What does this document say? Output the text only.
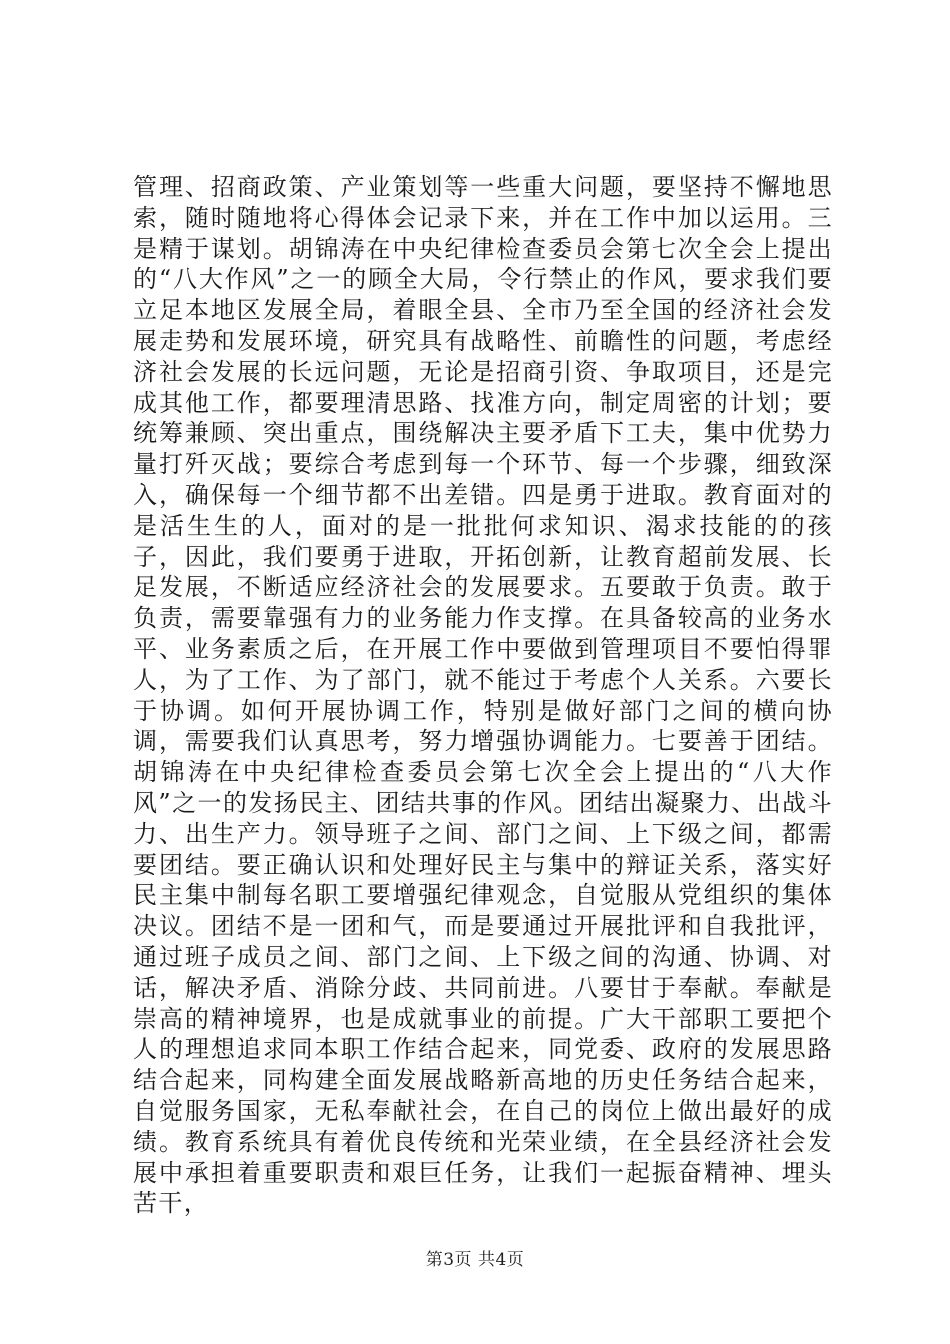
管理、招商政策、产业策划等一些重大问题，要坚持不懈地思索，随时随地将心得体会记录下来，并在工作中加以运用。三是精于谋划。胡锦涛在中央纪律检查委员会第七次全会上提出的“八大作风”之一的顾全大局，令行禁止的作风，要求我们要立足本地区发展全局，着眼全县、全市乃至全国的经济社会发展走势和发展环境，研究具有战略性、前瞻性的问题，考虑经济社会发展的长远问题，无论是招商引资、争取项目，还是完成其他工作，都要理清思路、找准方向，制定周密的计划；要统筹兼顾、突出重点，围绕解决主要矛盾下工夫，集中优势力量打歼灭战；要综合考虑到每一个环节、每一个步骤，细致深入，确保每一个细节都不出差错。四是勇于进取。教育面对的是活生生的人，面对的是一批批何求知识、渴求技能的的孩子，因此，我们要勇于进取，开拓创新，让教育超前发展、长足发展，不断适应经济社会的发展要求。五要敢于负责。敢于负责，需要靠强有力的业务能力作支撑。在具备较高的业务水平、业务素质之后，在开展工作中要做到管理项目不要怕得罪人，为了工作、为了部门，就不能过于考虑个人关系。六要长于协调。如何开展协调工作，特别是做好部门之间的横向协调，需要我们认真思考，努力增强协调能力。七要善于团结。胡锦涛在中央纪律检查委员会第七次全会上提出的“八大作风”之一的发扬民主、团结共事的作风。团结出凝聚力、出战斗力、出生产力。领导班子之间、部门之间、上下级之间，都需要团结。要正确认识和处理好民主与集中的辩证关系，落实好民主集中制每名职工要增强纪律观念，自觉服从党组织的集体决议。团结不是一团和气，而是要通过开展批评和自我批评，通过班子成员之间、部门之间、上下级之间的沟通、协调、对话，解决矛盾、消除分歧、共同前进。八要甘于奉献。奉献是崇高的精神境界，也是成就事业的前提。广大干部职工要把个人的理想追求同本职工作结合起来，同党委、政府的发展思路结合起来，同构建全面发展战略新高地的历史任务结合起来，自觉服务国家，无私奉献社会，在自己的岗位上做出最好的成绩。教育系统具有着优良传统和光荣业绩，在全县经济社会发展中承担着重要职责和艰巨任务，让我们一起振奋精神、埋头苦干，

第3页 共4页
